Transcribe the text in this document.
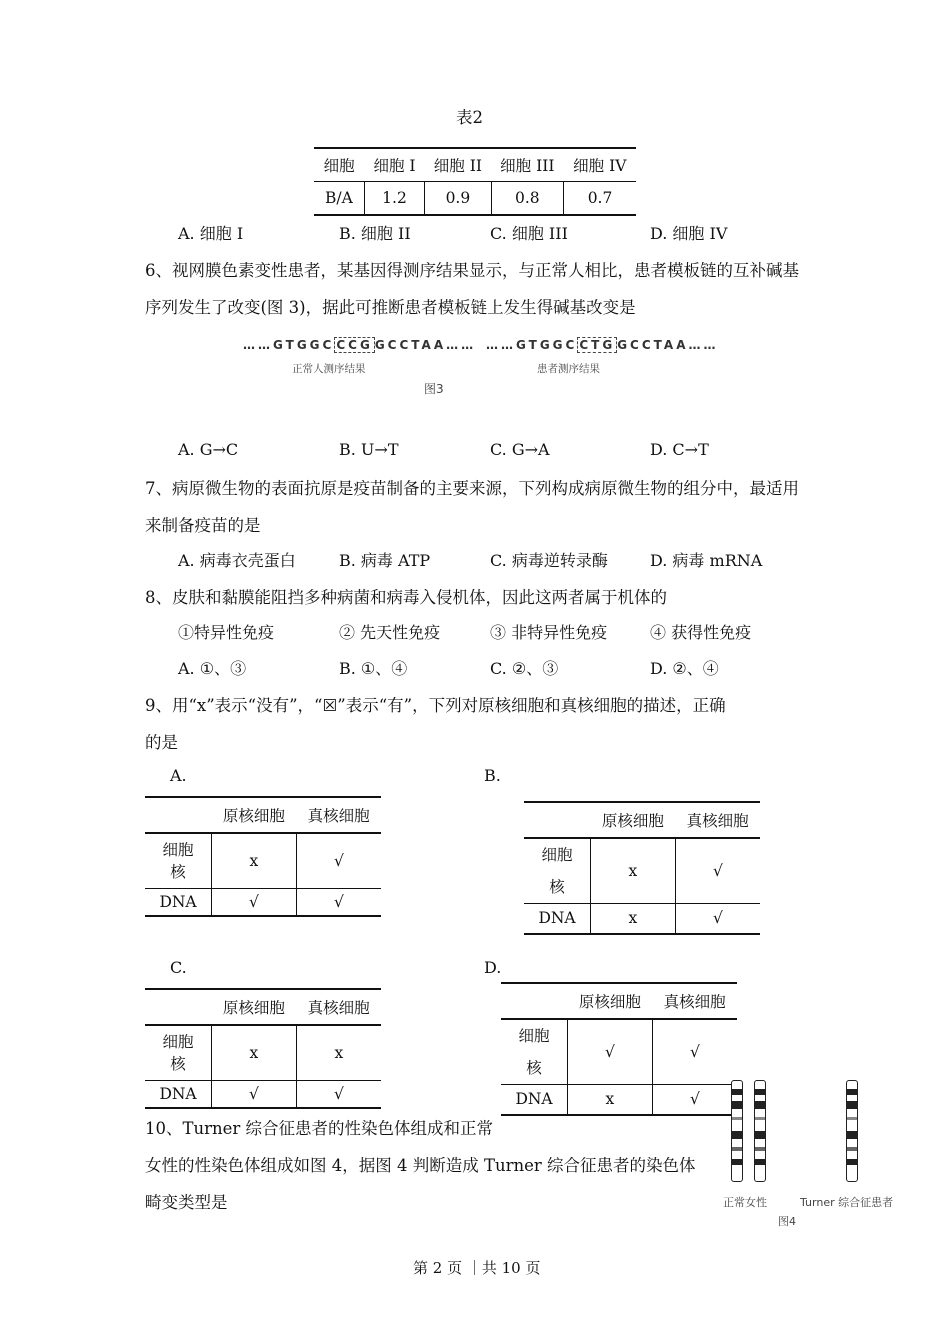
表2
细胞	细胞 I	细胞 II	细胞 III	细胞 IV
B/A	1.2	0.9	0.8	0.7
A. 细胞 I	B. 细胞 II	C. 细胞 III	D. 细胞 IV
6、视网膜色素变性患者，某基因得测序结果显示，与正常人相比，患者模板链的互补碱基
序列发生了改变(图 3)，据此可推断患者模板链上发生得碱基改变是
……GTGGC CCG GCCTAA……
正常人测序结果
……GTGGC CTG GCCTAA……
患者测序结果
图3
A. G→C	B. U→T	C. G→A	D. C→T
7、病原微生物的表面抗原是疫苗制备的主要来源，下列构成病原微生物的组分中，最适用
来制备疫苗的是
A. 病毒衣壳蛋白	B. 病毒 ATP	C. 病毒逆转录酶	D. 病毒 mRNA
8、皮肤和黏膜能阻挡多种病菌和病毒入侵机体，因此这两者属于机体的
①特异性免疫	② 先天性免疫	③ 非特异性免疫	④ 获得性免疫
A. ①、③	B. ①、④	C. ②、③	D. ②、④
9、用“x”表示“没有”，“☒”表示“有”，下列对原核细胞和真核细胞的描述，正确
的是
A.
	原核细胞	真核细胞
细胞
核	x	√
DNA	√	√
B.
	原核细胞	真核细胞
细胞
核	x	√
DNA	x	√
C.
	原核细胞	真核细胞
细胞
核	x	x
DNA	√	√
D.
	原核细胞	真核细胞
细胞
核	√	√
DNA	x	√
10、Turner 综合征患者的性染色体组成和正常
女性的性染色体组成如图 4，据图 4 判断造成 Turner 综合征患者的染色体
畸变类型是	正常女性	Turner 综合征患者
图4
第 2 页 ｜共 10 页
